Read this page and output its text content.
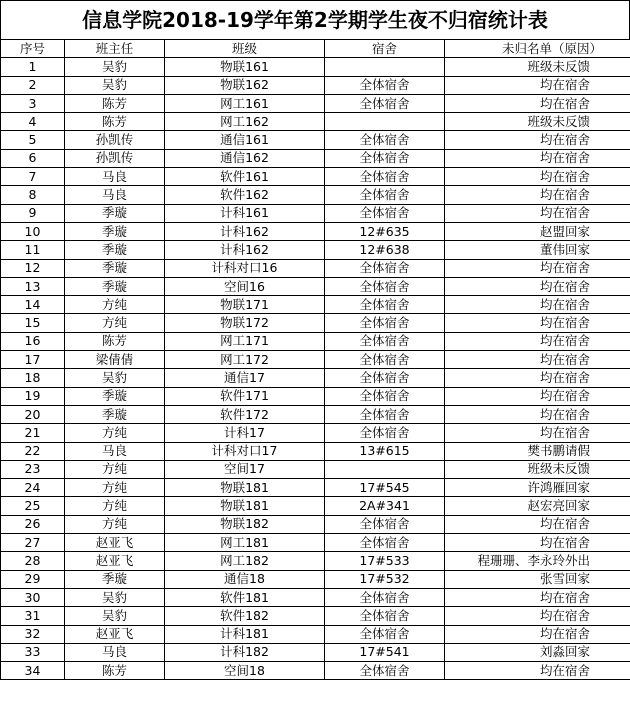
信息学院2018-19学年第2学期学生夜不归宿统计表
序号	班主任	班级	宿舍	未归名单（原因）
1	吴豹	物联161		班级未反馈
2	吴豹	物联162	全体宿舍	均在宿舍
3	陈芳	网工161	全体宿舍	均在宿舍
4	陈芳	网工162		班级未反馈
5	孙凯传	通信161	全体宿舍	均在宿舍
6	孙凯传	通信162	全体宿舍	均在宿舍
7	马良	软件161	全体宿舍	均在宿舍
8	马良	软件162	全体宿舍	均在宿舍
9	季璇	计科161	全体宿舍	均在宿舍
10	季璇	计科162	12#635	赵盟回家
11	季璇	计科162	12#638	董伟回家
12	季璇	计科对口16	全体宿舍	均在宿舍
13	季璇	空间16	全体宿舍	均在宿舍
14	方纯	物联171	全体宿舍	均在宿舍
15	方纯	物联172	全体宿舍	均在宿舍
16	陈芳	网工171	全体宿舍	均在宿舍
17	梁倩倩	网工172	全体宿舍	均在宿舍
18	吴豹	通信17	全体宿舍	均在宿舍
19	季璇	软件171	全体宿舍	均在宿舍
20	季璇	软件172	全体宿舍	均在宿舍
21	方纯	计科17	全体宿舍	均在宿舍
22	马良	计科对口17	13#615	樊书鹏请假
23	方纯	空间17		班级未反馈
24	方纯	物联181	17#545	许鸿雁回家
25	方纯	物联181	2A#341	赵宏亮回家
26	方纯	物联182	全体宿舍	均在宿舍
27	赵亚飞	网工181	全体宿舍	均在宿舍
28	赵亚飞	网工182	17#533	程珊珊、李永玲外出
29	季璇	通信18	17#532	张雪回家
30	吴豹	软件181	全体宿舍	均在宿舍
31	吴豹	软件182	全体宿舍	均在宿舍
32	赵亚飞	计科181	全体宿舍	均在宿舍
33	马良	计科182	17#541	刘淼回家
34	陈芳	空间18	全体宿舍	均在宿舍
